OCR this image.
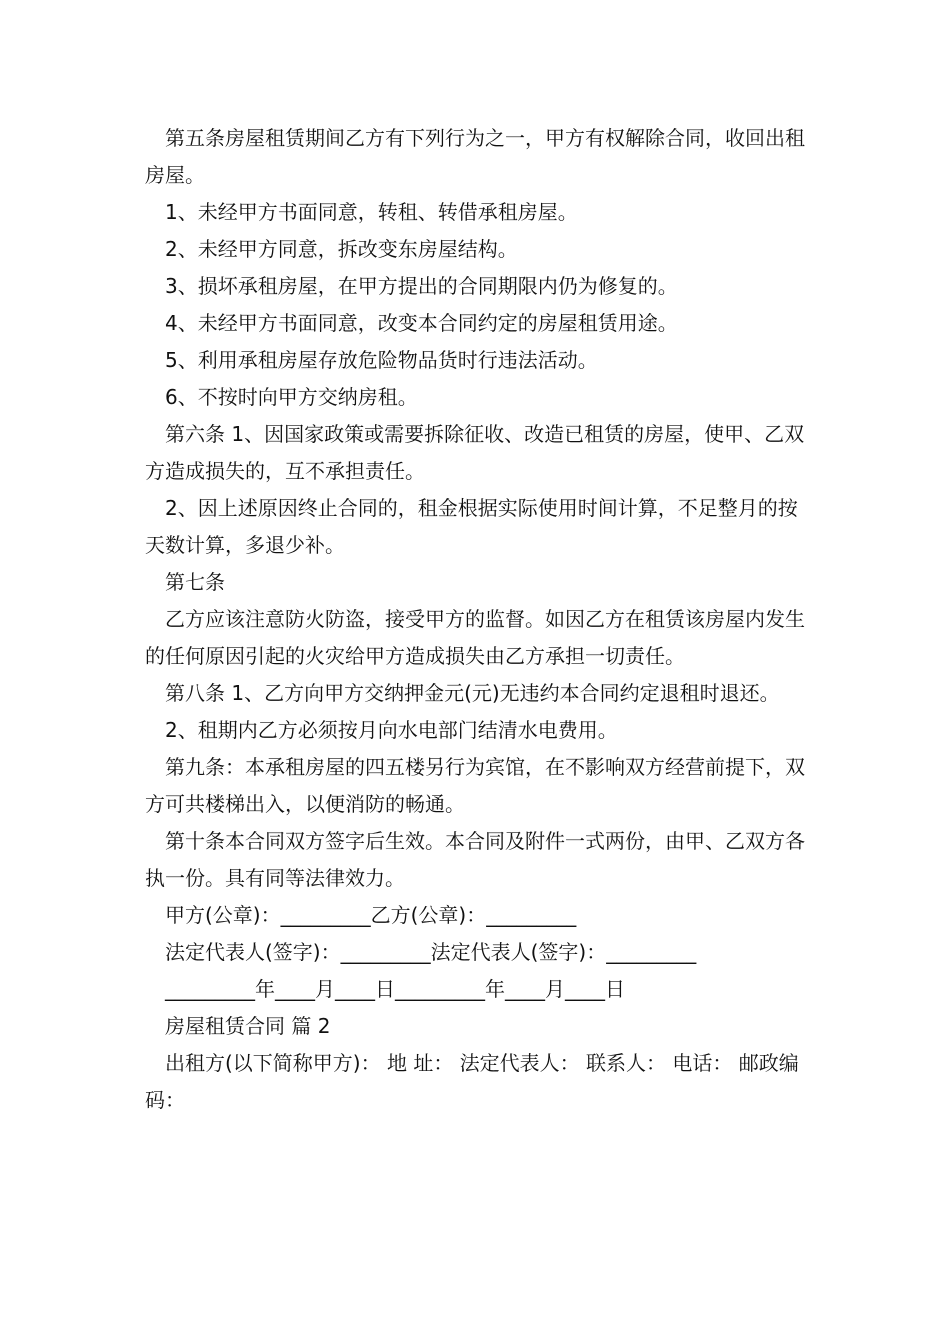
第五条房屋租赁期间乙方有下列行为之一，甲方有权解除合同，收回出租房屋。

1、未经甲方书面同意，转租、转借承租房屋。

2、未经甲方同意，拆改变东房屋结构。

3、损坏承租房屋，在甲方提出的合同期限内仍为修复的。

4、未经甲方书面同意，改变本合同约定的房屋租赁用途。

5、利用承租房屋存放危险物品货时行违法活动。

6、不按时向甲方交纳房租。

第六条 1、因国家政策或需要拆除征收、改造已租赁的房屋，使甲、乙双方造成损失的，互不承担责任。

2、因上述原因终止合同的，租金根据实际使用时间计算，不足整月的按天数计算，多退少补。

第七条

乙方应该注意防火防盗，接受甲方的监督。如因乙方在租赁该房屋内发生的任何原因引起的火灾给甲方造成损失由乙方承担一切责任。

第八条 1、乙方向甲方交纳押金元(元)无违约本合同约定退租时退还。

2、租期内乙方必须按月向水电部门结清水电费用。

第九条：本承租房屋的四五楼另行为宾馆，在不影响双方经营前提下，双方可共楼梯出入，以便消防的畅通。

第十条本合同双方签字后生效。本合同及附件一式两份，由甲、乙双方各执一份。具有同等法律效力。

甲方(公章)：_________乙方(公章)：_________

法定代表人(签字)：_________法定代表人(签字)：_________

_________年____月____日_________年____月____日

房屋租赁合同 篇 2

出租方(以下简称甲方)： 地 址： 法定代表人： 联系人： 电话： 邮政编码：
